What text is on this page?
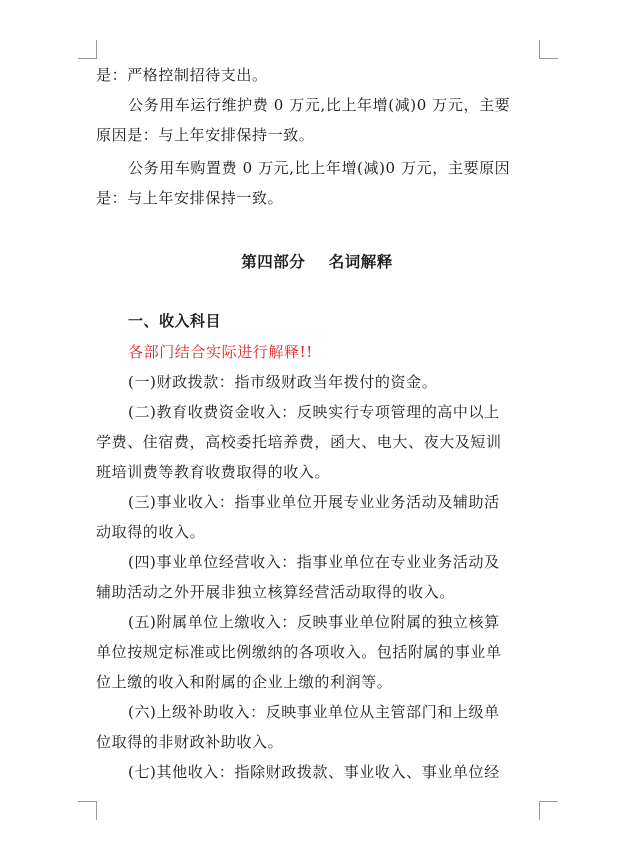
是：严格控制招待支出。
公务用车运行维护费 0 万元,比上年增(减)0 万元，主要
原因是：与上年安排保持一致。
公务用车购置费 0 万元,比上年增(减)0 万元，主要原因
是：与上年安排保持一致。
第四部分    名词解释
一、收入科目
各部门结合实际进行解释!!
(一)财政拨款：指市级财政当年拨付的资金。
(二)教育收费资金收入：反映实行专项管理的高中以上
学费、住宿费，高校委托培养费，函大、电大、夜大及短训
班培训费等教育收费取得的收入。
(三)事业收入：指事业单位开展专业业务活动及辅助活
动取得的收入。
(四)事业单位经营收入：指事业单位在专业业务活动及
辅助活动之外开展非独立核算经营活动取得的收入。
(五)附属单位上缴收入：反映事业单位附属的独立核算
单位按规定标准或比例缴纳的各项收入。包括附属的事业单
位上缴的收入和附属的企业上缴的利润等。
(六)上级补助收入：反映事业单位从主管部门和上级单
位取得的非财政补助收入。
(七)其他收入：指除财政拨款、事业收入、事业单位经
